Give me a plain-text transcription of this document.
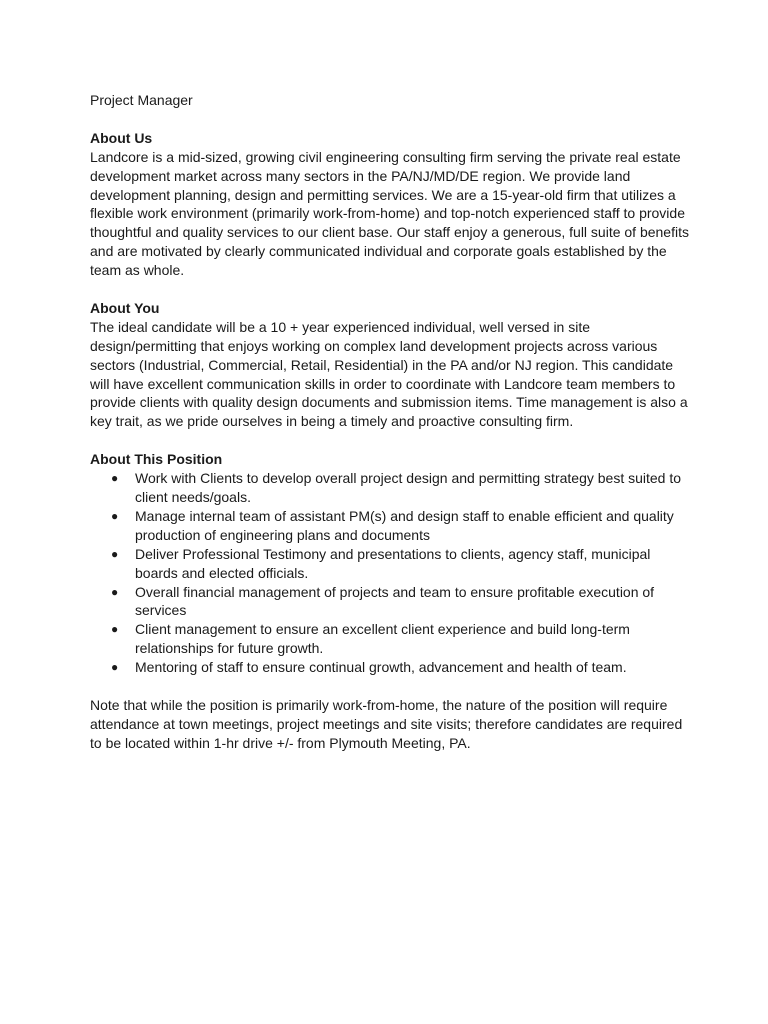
Project Manager

About Us

Landcore is a mid-sized, growing civil engineering consulting firm serving the private real estate development market across many sectors in the PA/NJ/MD/DE region. We provide land development planning, design and permitting services. We are a 15-year-old firm that utilizes a flexible work environment (primarily work-from-home) and top-notch experienced staff to provide thoughtful and quality services to our client base. Our staff enjoy a generous, full suite of benefits and are motivated by clearly communicated individual and corporate goals established by the team as whole.

About You

The ideal candidate will be a 10 + year experienced individual, well versed in site design/permitting that enjoys working on complex land development projects across various sectors (Industrial, Commercial, Retail, Residential) in the PA and/or NJ region. This candidate will have excellent communication skills in order to coordinate with Landcore team members to provide clients with quality design documents and submission items. Time management is also a key trait, as we pride ourselves in being a timely and proactive consulting firm.

About This Position

● Work with Clients to develop overall project design and permitting strategy best suited to client needs/goals.
● Manage internal team of assistant PM(s) and design staff to enable efficient and quality production of engineering plans and documents
● Deliver Professional Testimony and presentations to clients, agency staff, municipal boards and elected officials.
● Overall financial management of projects and team to ensure profitable execution of services
● Client management to ensure an excellent client experience and build long-term relationships for future growth.
● Mentoring of staff to ensure continual growth, advancement and health of team.

Note that while the position is primarily work-from-home, the nature of the position will require attendance at town meetings, project meetings and site visits; therefore candidates are required to be located within 1-hr drive +/- from Plymouth Meeting, PA.
